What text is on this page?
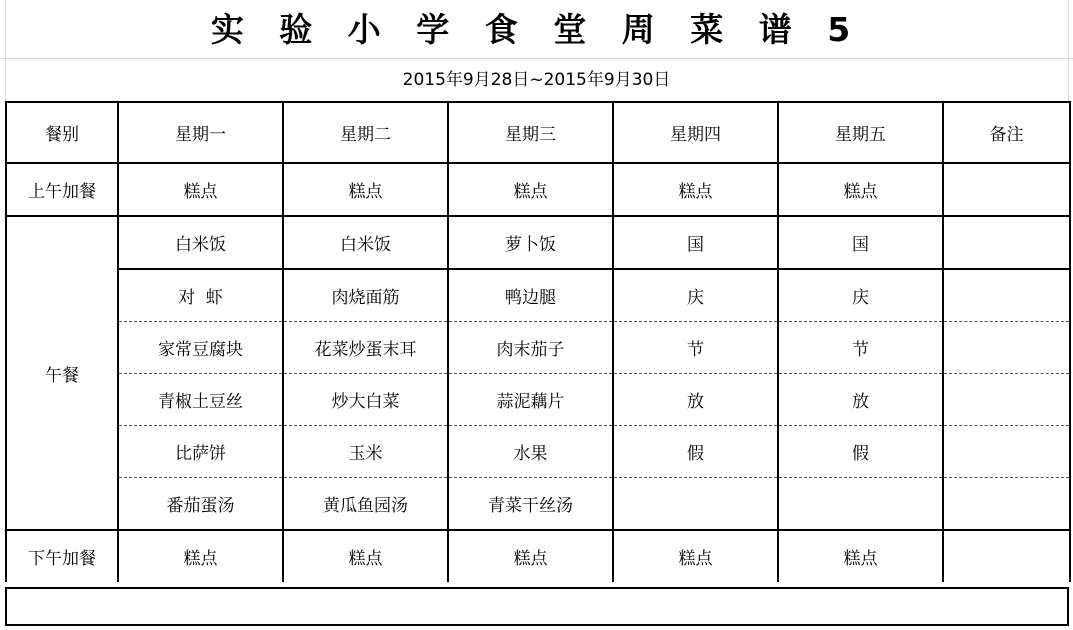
实 验 小 学 食 堂 周 菜 谱 5
2015年9月28日~2015年9月30日
餐别	星期一	星期二	星期三	星期四	星期五	备注
上午加餐	糕点	糕点	糕点	糕点	糕点	
午餐	白米饭	白米饭	萝卜饭	国	国	
	对  虾	肉烧面筋	鸭边腿	庆	庆	
	家常豆腐块	花菜炒蛋末耳	肉末茄子	节	节	
	青椒土豆丝	炒大白菜	蒜泥藕片	放	放	
	比萨饼	玉米	水果	假	假	
	番茄蛋汤	黄瓜鱼园汤	青菜干丝汤			
下午加餐	糕点	糕点	糕点	糕点	糕点	
